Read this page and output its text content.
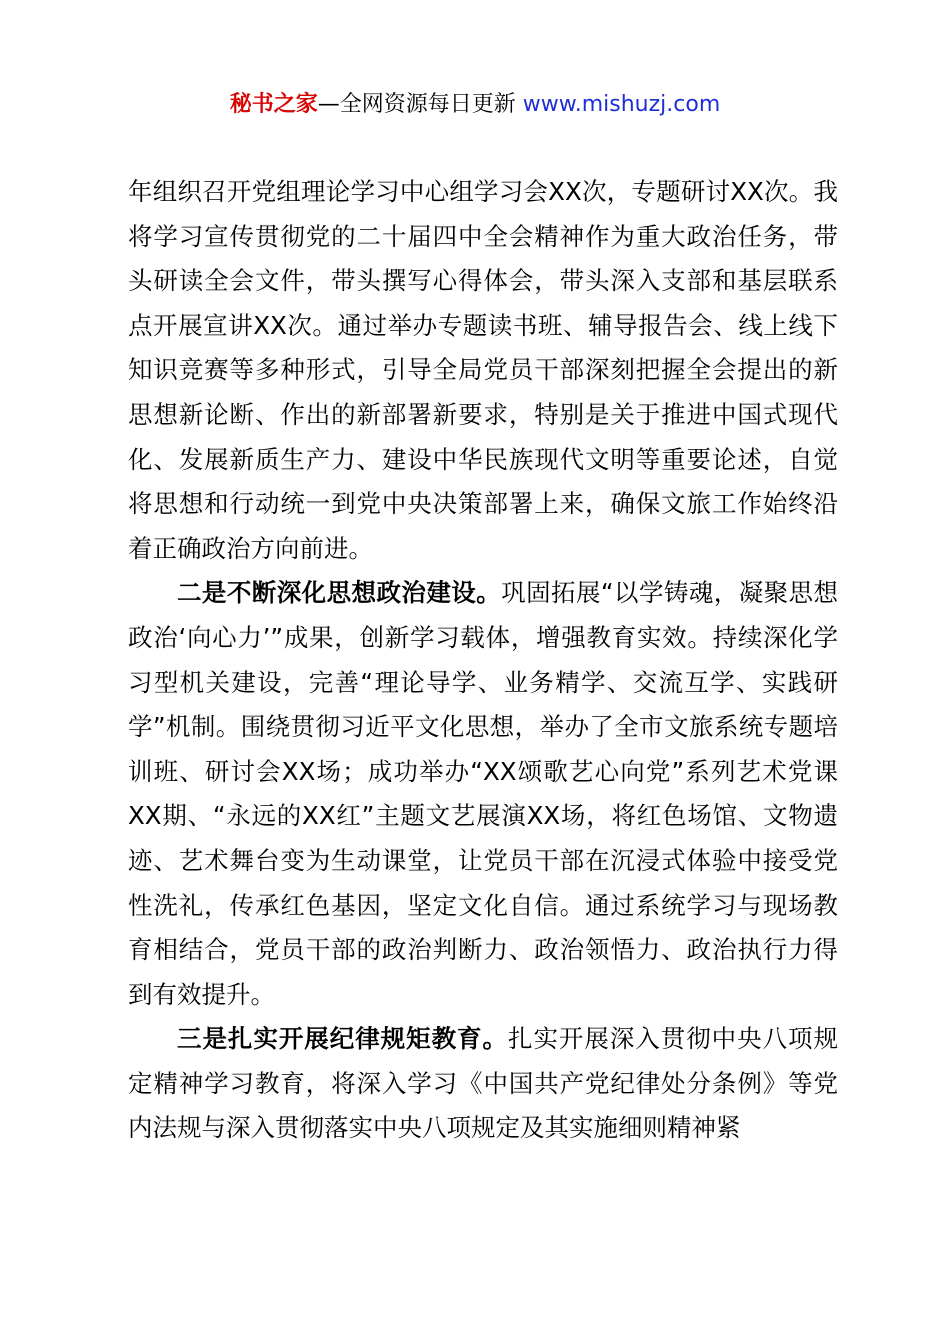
秘书之家—全网资源每日更新 www.mishuzj.com

年组织召开党组理论学习中心组学习会XX次，专题研讨XX次。我将学习宣传贯彻党的二十届四中全会精神作为重大政治任务，带头研读全会文件，带头撰写心得体会，带头深入支部和基层联系点开展宣讲XX次。通过举办专题读书班、辅导报告会、线上线下知识竞赛等多种形式，引导全局党员干部深刻把握全会提出的新思想新论断、作出的新部署新要求，特别是关于推进中国式现代化、发展新质生产力、建设中华民族现代文明等重要论述，自觉将思想和行动统一到党中央决策部署上来，确保文旅工作始终沿着正确政治方向前进。

二是不断深化思想政治建设。巩固拓展“以学铸魂，凝聚思想政治‘向心力’”成果，创新学习载体，增强教育实效。持续深化学习型机关建设，完善“理论导学、业务精学、交流互学、实践研学”机制。围绕贯彻习近平文化思想，举办了全市文旅系统专题培训班、研讨会XX场；成功举办“XX颂歌艺心向党”系列艺术党课XX期、“永远的XX红”主题文艺展演XX场，将红色场馆、文物遗迹、艺术舞台变为生动课堂，让党员干部在沉浸式体验中接受党性洗礼，传承红色基因，坚定文化自信。通过系统学习与现场教育相结合，党员干部的政治判断力、政治领悟力、政治执行力得到有效提升。

三是扎实开展纪律规矩教育。扎实开展深入贯彻中央八项规定精神学习教育，将深入学习《中国共产党纪律处分条例》等党内法规与深入贯彻落实中央八项规定及其实施细则精神紧
